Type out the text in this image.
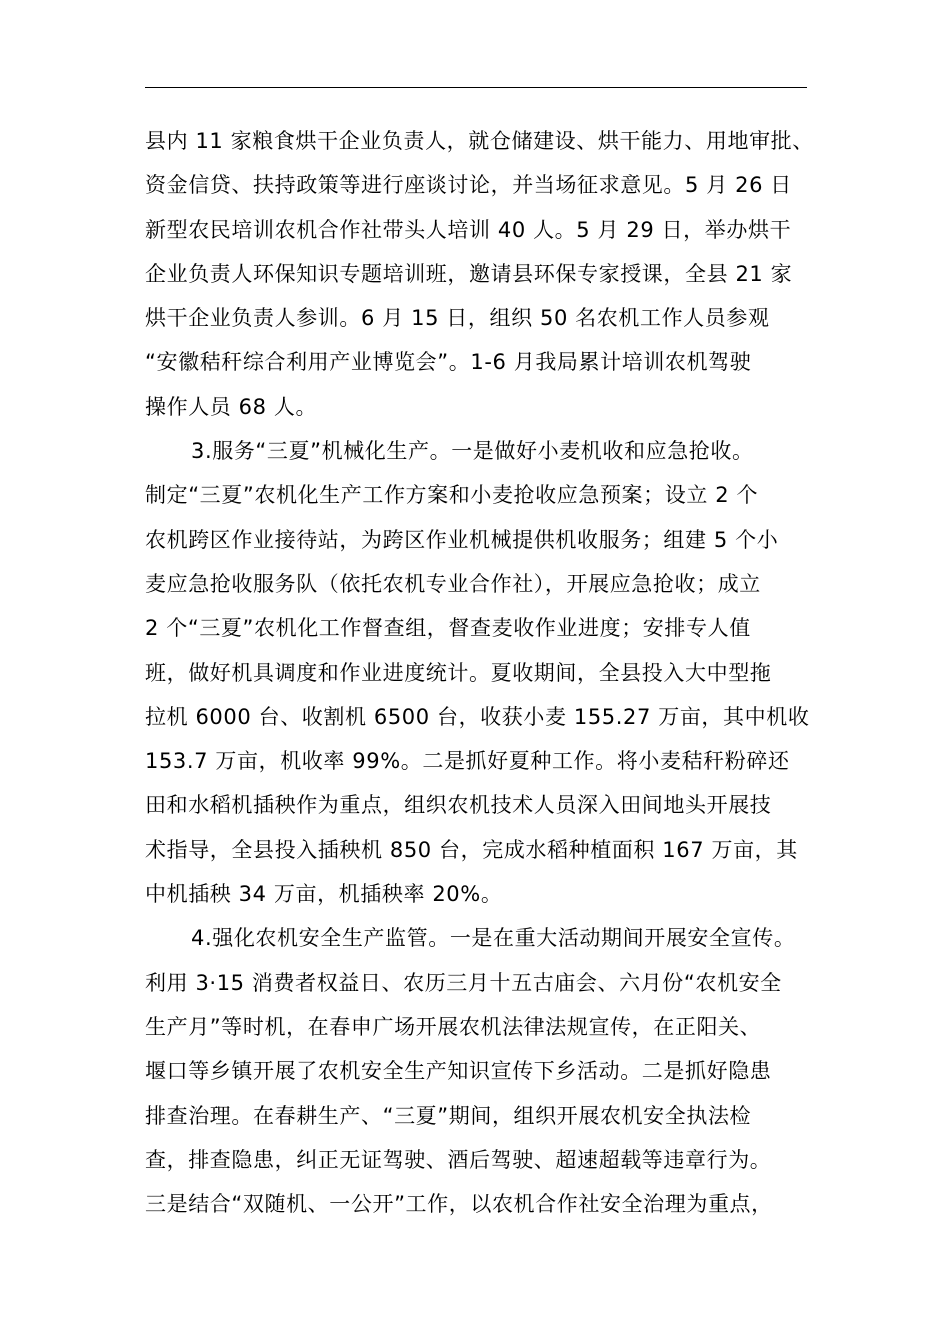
县内 11 家粮食烘干企业负责人，就仓储建设、烘干能力、用地审批、
资金信贷、扶持政策等进行座谈讨论，并当场征求意见。5 月 26 日
新型农民培训农机合作社带头人培训 40 人。5 月 29 日，举办烘干
企业负责人环保知识专题培训班，邀请县环保专家授课，全县 21 家
烘干企业负责人参训。6 月 15 日，组织 50 名农机工作人员参观
“安徽秸秆综合利用产业博览会”。1-6 月我局累计培训农机驾驶
操作人员 68 人。
3.服务“三夏”机械化生产。一是做好小麦机收和应急抢收。
制定“三夏”农机化生产工作方案和小麦抢收应急预案；设立 2 个
农机跨区作业接待站，为跨区作业机械提供机收服务；组建 5 个小
麦应急抢收服务队（依托农机专业合作社），开展应急抢收；成立
2 个“三夏”农机化工作督查组，督查麦收作业进度；安排专人值
班，做好机具调度和作业进度统计。夏收期间，全县投入大中型拖
拉机 6000 台、收割机 6500 台，收获小麦 155.27 万亩，其中机收
153.7 万亩，机收率 99%。二是抓好夏种工作。将小麦秸秆粉碎还
田和水稻机插秧作为重点，组织农机技术人员深入田间地头开展技
术指导，全县投入插秧机 850 台，完成水稻种植面积 167 万亩，其
中机插秧 34 万亩，机插秧率 20%。
4.强化农机安全生产监管。一是在重大活动期间开展安全宣传。
利用 3·15 消费者权益日、农历三月十五古庙会、六月份“农机安全
生产月”等时机，在春申广场开展农机法律法规宣传，在正阳关、
堰口等乡镇开展了农机安全生产知识宣传下乡活动。二是抓好隐患
排查治理。在春耕生产、“三夏”期间，组织开展农机安全执法检
查，排查隐患，纠正无证驾驶、酒后驾驶、超速超载等违章行为。
三是结合“双随机、一公开”工作，以农机合作社安全治理为重点，
